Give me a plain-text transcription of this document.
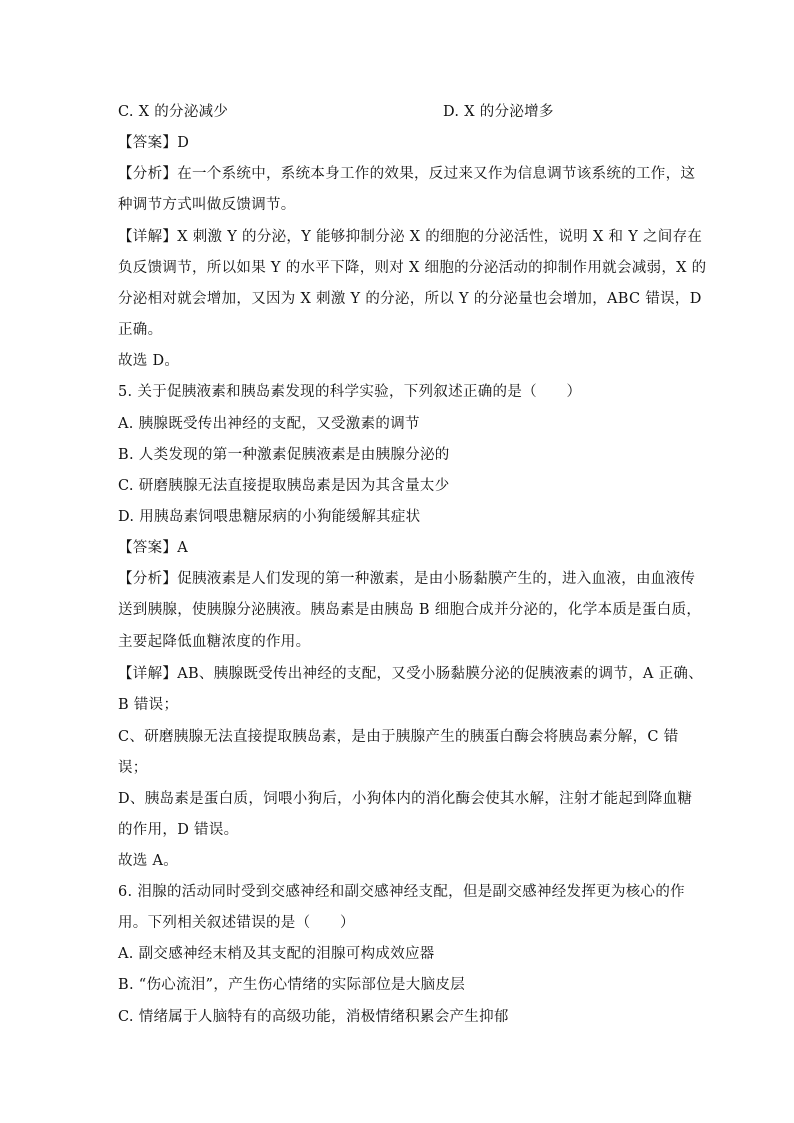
C. X 的分泌减少	D. X 的分泌增多
【答案】D
【分析】在一个系统中，系统本身工作的效果，反过来又作为信息调节该系统的工作，这
种调节方式叫做反馈调节。
【详解】X 刺激 Y 的分泌，Y 能够抑制分泌 X 的细胞的分泌活性，说明 X 和 Y 之间存在
负反馈调节，所以如果 Y 的水平下降，则对 X 细胞的分泌活动的抑制作用就会减弱，X 的
分泌相对就会增加，又因为 X 刺激 Y 的分泌，所以 Y 的分泌量也会增加，ABC 错误，D
正确。
故选 D。
5. 关于促胰液素和胰岛素发现的科学实验，下列叙述正确的是（　　）
A. 胰腺既受传出神经的支配，又受激素的调节
B. 人类发现的第一种激素促胰液素是由胰腺分泌的
C. 研磨胰腺无法直接提取胰岛素是因为其含量太少
D. 用胰岛素饲喂患糖尿病的小狗能缓解其症状
【答案】A
【分析】促胰液素是人们发现的第一种激素，是由小肠黏膜产生的，进入血液，由血液传
送到胰腺，使胰腺分泌胰液。胰岛素是由胰岛 B 细胞合成并分泌的，化学本质是蛋白质，
主要起降低血糖浓度的作用。
【详解】AB、胰腺既受传出神经的支配，又受小肠黏膜分泌的促胰液素的调节，A 正确、
B 错误；
C、研磨胰腺无法直接提取胰岛素，是由于胰腺产生的胰蛋白酶会将胰岛素分解，C 错
误；
D、胰岛素是蛋白质，饲喂小狗后，小狗体内的消化酶会使其水解，注射才能起到降血糖
的作用，D 错误。
故选 A。
6. 泪腺的活动同时受到交感神经和副交感神经支配，但是副交感神经发挥更为核心的作
用。下列相关叙述错误的是（　　）
A. 副交感神经末梢及其支配的泪腺可构成效应器
B. “伤心流泪”，产生伤心情绪的实际部位是大脑皮层
C. 情绪属于人脑特有的高级功能，消极情绪积累会产生抑郁
